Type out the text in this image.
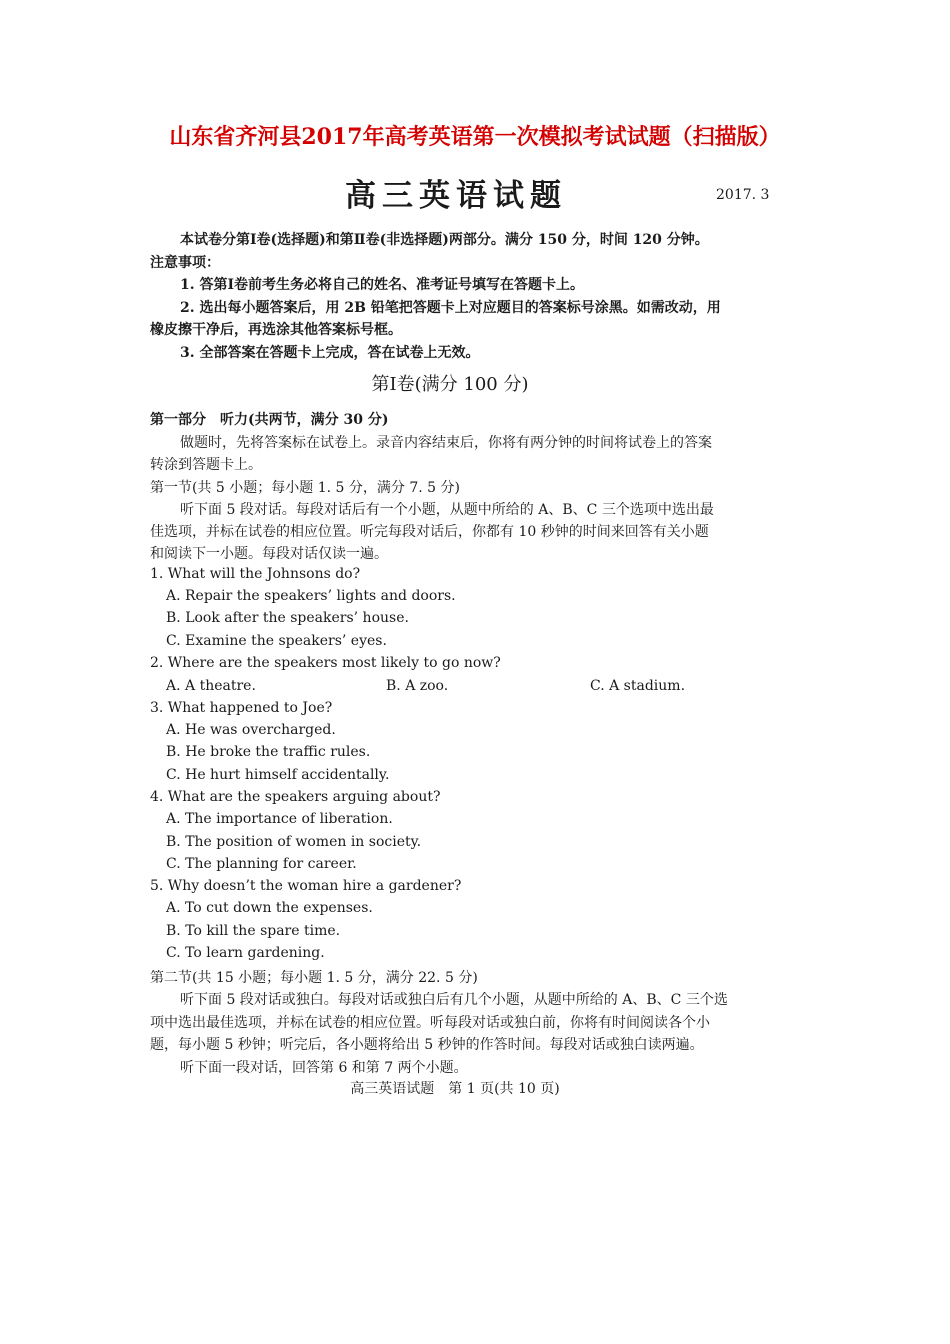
山东省齐河县2017年高考英语第一次模拟考试试题（扫描版）
高三英语试题	2017. 3
本试卷分第Ⅰ卷(选择题)和第Ⅱ卷(非选择题)两部分。满分 150 分，时间 120 分钟。
注意事项：
1. 答第Ⅰ卷前考生务必将自己的姓名、准考证号填写在答题卡上。
2. 选出每小题答案后，用 2B 铅笔把答题卡上对应题目的答案标号涂黑。如需改动，用
橡皮擦干净后，再选涂其他答案标号框。
3. 全部答案在答题卡上完成，答在试卷上无效。
第Ⅰ卷(满分 100 分)
第一部分　听力(共两节，满分 30 分)
做题时，先将答案标在试卷上。录音内容结束后，你将有两分钟的时间将试卷上的答案
转涂到答题卡上。
第一节(共 5 小题；每小题 1. 5 分，满分 7. 5 分)
听下面 5 段对话。每段对话后有一个小题，从题中所给的 A、B、C 三个选项中选出最
佳选项，并标在试卷的相应位置。听完每段对话后，你都有 10 秒钟的时间来回答有关小题
和阅读下一小题。每段对话仅读一遍。
1. What will the Johnsons do?
A. Repair the speakers’ lights and doors.
B. Look after the speakers’ house.
C. Examine the speakers’ eyes.
2. Where are the speakers most likely to go now?
A. A theatre.	B. A zoo.	C. A stadium.
3. What happened to Joe?
A. He was overcharged.
B. He broke the traffic rules.
C. He hurt himself accidentally.
4. What are the speakers arguing about?
A. The importance of liberation.
B. The position of women in society.
C. The planning for career.
5. Why doesn’t the woman hire a gardener?
A. To cut down the expenses.
B. To kill the spare time.
C. To learn gardening.
第二节(共 15 小题；每小题 1. 5 分，满分 22. 5 分)
听下面 5 段对话或独白。每段对话或独白后有几个小题，从题中所给的 A、B、C 三个选
项中选出最佳选项，并标在试卷的相应位置。听每段对话或独白前，你将有时间阅读各个小
题，每小题 5 秒钟；听完后，各小题将给出 5 秒钟的作答时间。每段对话或独白读两遍。
听下面一段对话，回答第 6 和第 7 两个小题。
高三英语试题　第 1 页(共 10 页)
